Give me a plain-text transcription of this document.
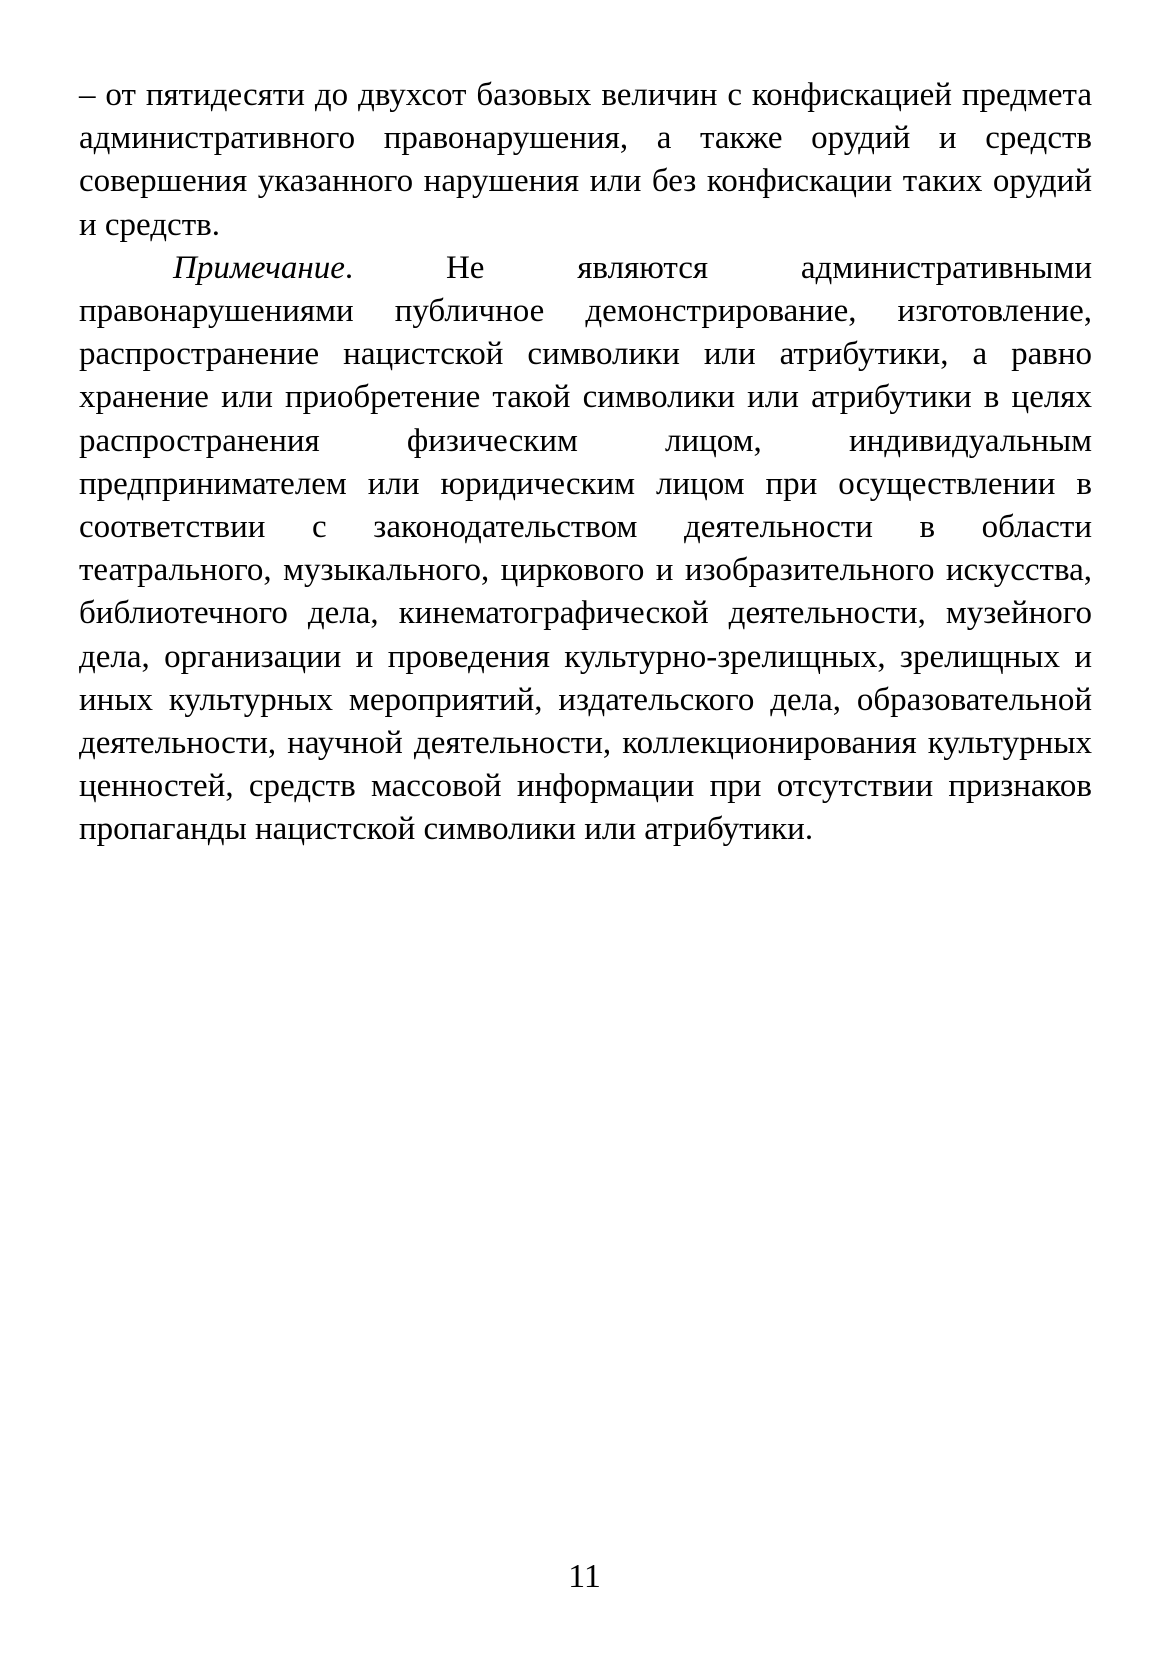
– от пятидесяти до двухсот базовых величин с конфискацией предмета административного правонарушения, а также орудий и средств совершения указанного нарушения или без конфискации таких орудий и средств.

Примечание. Не являются административными правонарушениями публичное демонстрирование, изготовление, распространение нацистской символики или атрибутики, а равно хранение или приобретение такой символики или атрибутики в целях распространения физическим лицом, индивидуальным предпринимателем или юридическим лицом при осуществлении в соответствии с законодательством деятельности в области театрального, музыкального, циркового и изобразительного искусства, библиотечного дела, кинематографической деятельности, музейного дела, организации и проведения культурно-зрелищных, зрелищных и иных культурных мероприятий, издательского дела, образовательной деятельности, научной деятельности, коллекционирования культурных ценностей, средств массовой информации при отсутствии признаков пропаганды нацистской символики или атрибутики.

11
